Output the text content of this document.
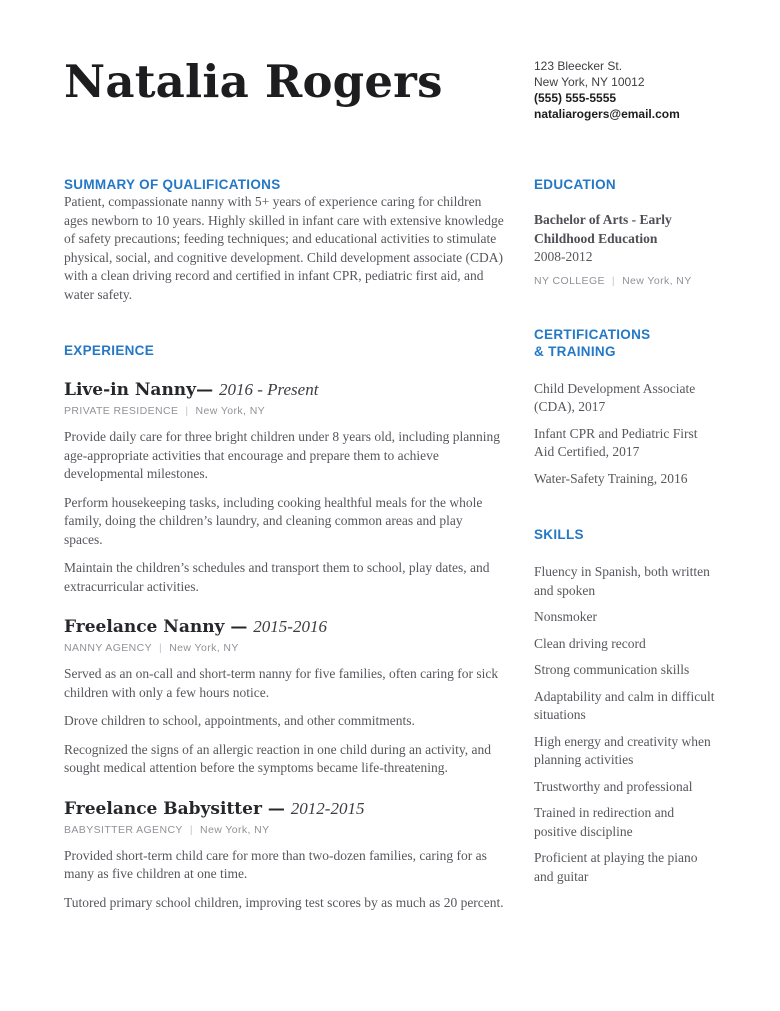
Natalia Rogers	123 Bleecker St.
New York, NY 10012
(555) 555-5555
nataliarogers@email.com
SUMMARY OF QUALIFICATIONS

Patient, compassionate nanny with 5+ years of experience caring for children ages newborn to 10 years. Highly skilled in infant care with extensive knowledge of safety precautions; feeding techniques; and educational activities to stimulate physical, social, and cognitive development. Child development associate (CDA) with a clean driving record and certified in infant CPR, pediatric first aid, and water safety.

EXPERIENCE
Live-in Nanny— 2016 - Present
PRIVATE RESIDENCE | New York, NY

Provide daily care for three bright children under 8 years old, including planning age-appropriate activities that encourage and prepare them to achieve developmental milestones.

Perform housekeeping tasks, including cooking healthful meals for the whole family, doing the children’s laundry, and cleaning common areas and play spaces.

Maintain the children’s schedules and transport them to school, play dates, and extracurricular activities.

Freelance Nanny — 2015-2016
NANNY AGENCY | New York, NY

Served as an on-call and short-term nanny for five families, often caring for sick children with only a few hours notice.

Drove children to school, appointments, and other commitments.

Recognized the signs of an allergic reaction in one child during an activity, and sought medical attention before the symptoms became life-threatening.

Freelance Babysitter — 2012-2015
BABYSITTER AGENCY | New York, NY

Provided short-term child care for more than two-dozen families, caring for as many as five children at one time.

Tutored primary school children, improving test scores by as much as 20 percent.

EDUCATION
Bachelor of Arts - Early Childhood Education
2008-2012
NY COLLEGE | New York, NY
CERTIFICATIONS
& TRAINING

Child Development Associate (CDA), 2017

Infant CPR and Pediatric First Aid Certified, 2017

Water-Safety Training, 2016

SKILLS

Fluency in Spanish, both written and spoken

Nonsmoker

Clean driving record

Strong communication skills

Adaptability and calm in difficult situations

High energy and creativity when planning activities

Trustworthy and professional

Trained in redirection and positive discipline

Proficient at playing the piano and guitar
